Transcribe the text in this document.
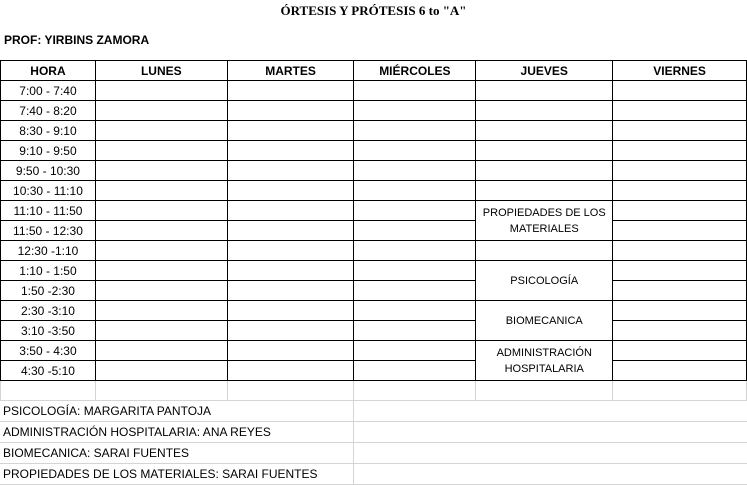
ÓRTESIS Y PRÓTESIS 6 to "A"
PROF: YIRBINS ZAMORA
HORA	LUNES	MARTES	MIÉRCOLES	JUEVES	VIERNES
7:00 - 7:40					
7:40 - 8:20					
8:30 - 9:10					
9:10 - 9:50					
9:50 - 10:30					
10:30 - 11:10					
11:10 - 11:50				PROPIEDADES DE LOS MATERIALES	
11:50 - 12:30					
12:30 -1:10					
1:10 - 1:50				PSICOLOGÍA	
1:50 -2:30					
2:30 -3:10				BIOMECANICA	
3:10 -3:50					
3:50 - 4:30				ADMINISTRACIÓN HOSPITALARIA	
4:30 -5:10					

PSICOLOGÍA: MARGARITA PANTOJA
ADMINISTRACIÓN HOSPITALARIA: ANA REYES
BIOMECANICA: SARAI FUENTES
PROPIEDADES DE LOS MATERIALES: SARAI FUENTES
